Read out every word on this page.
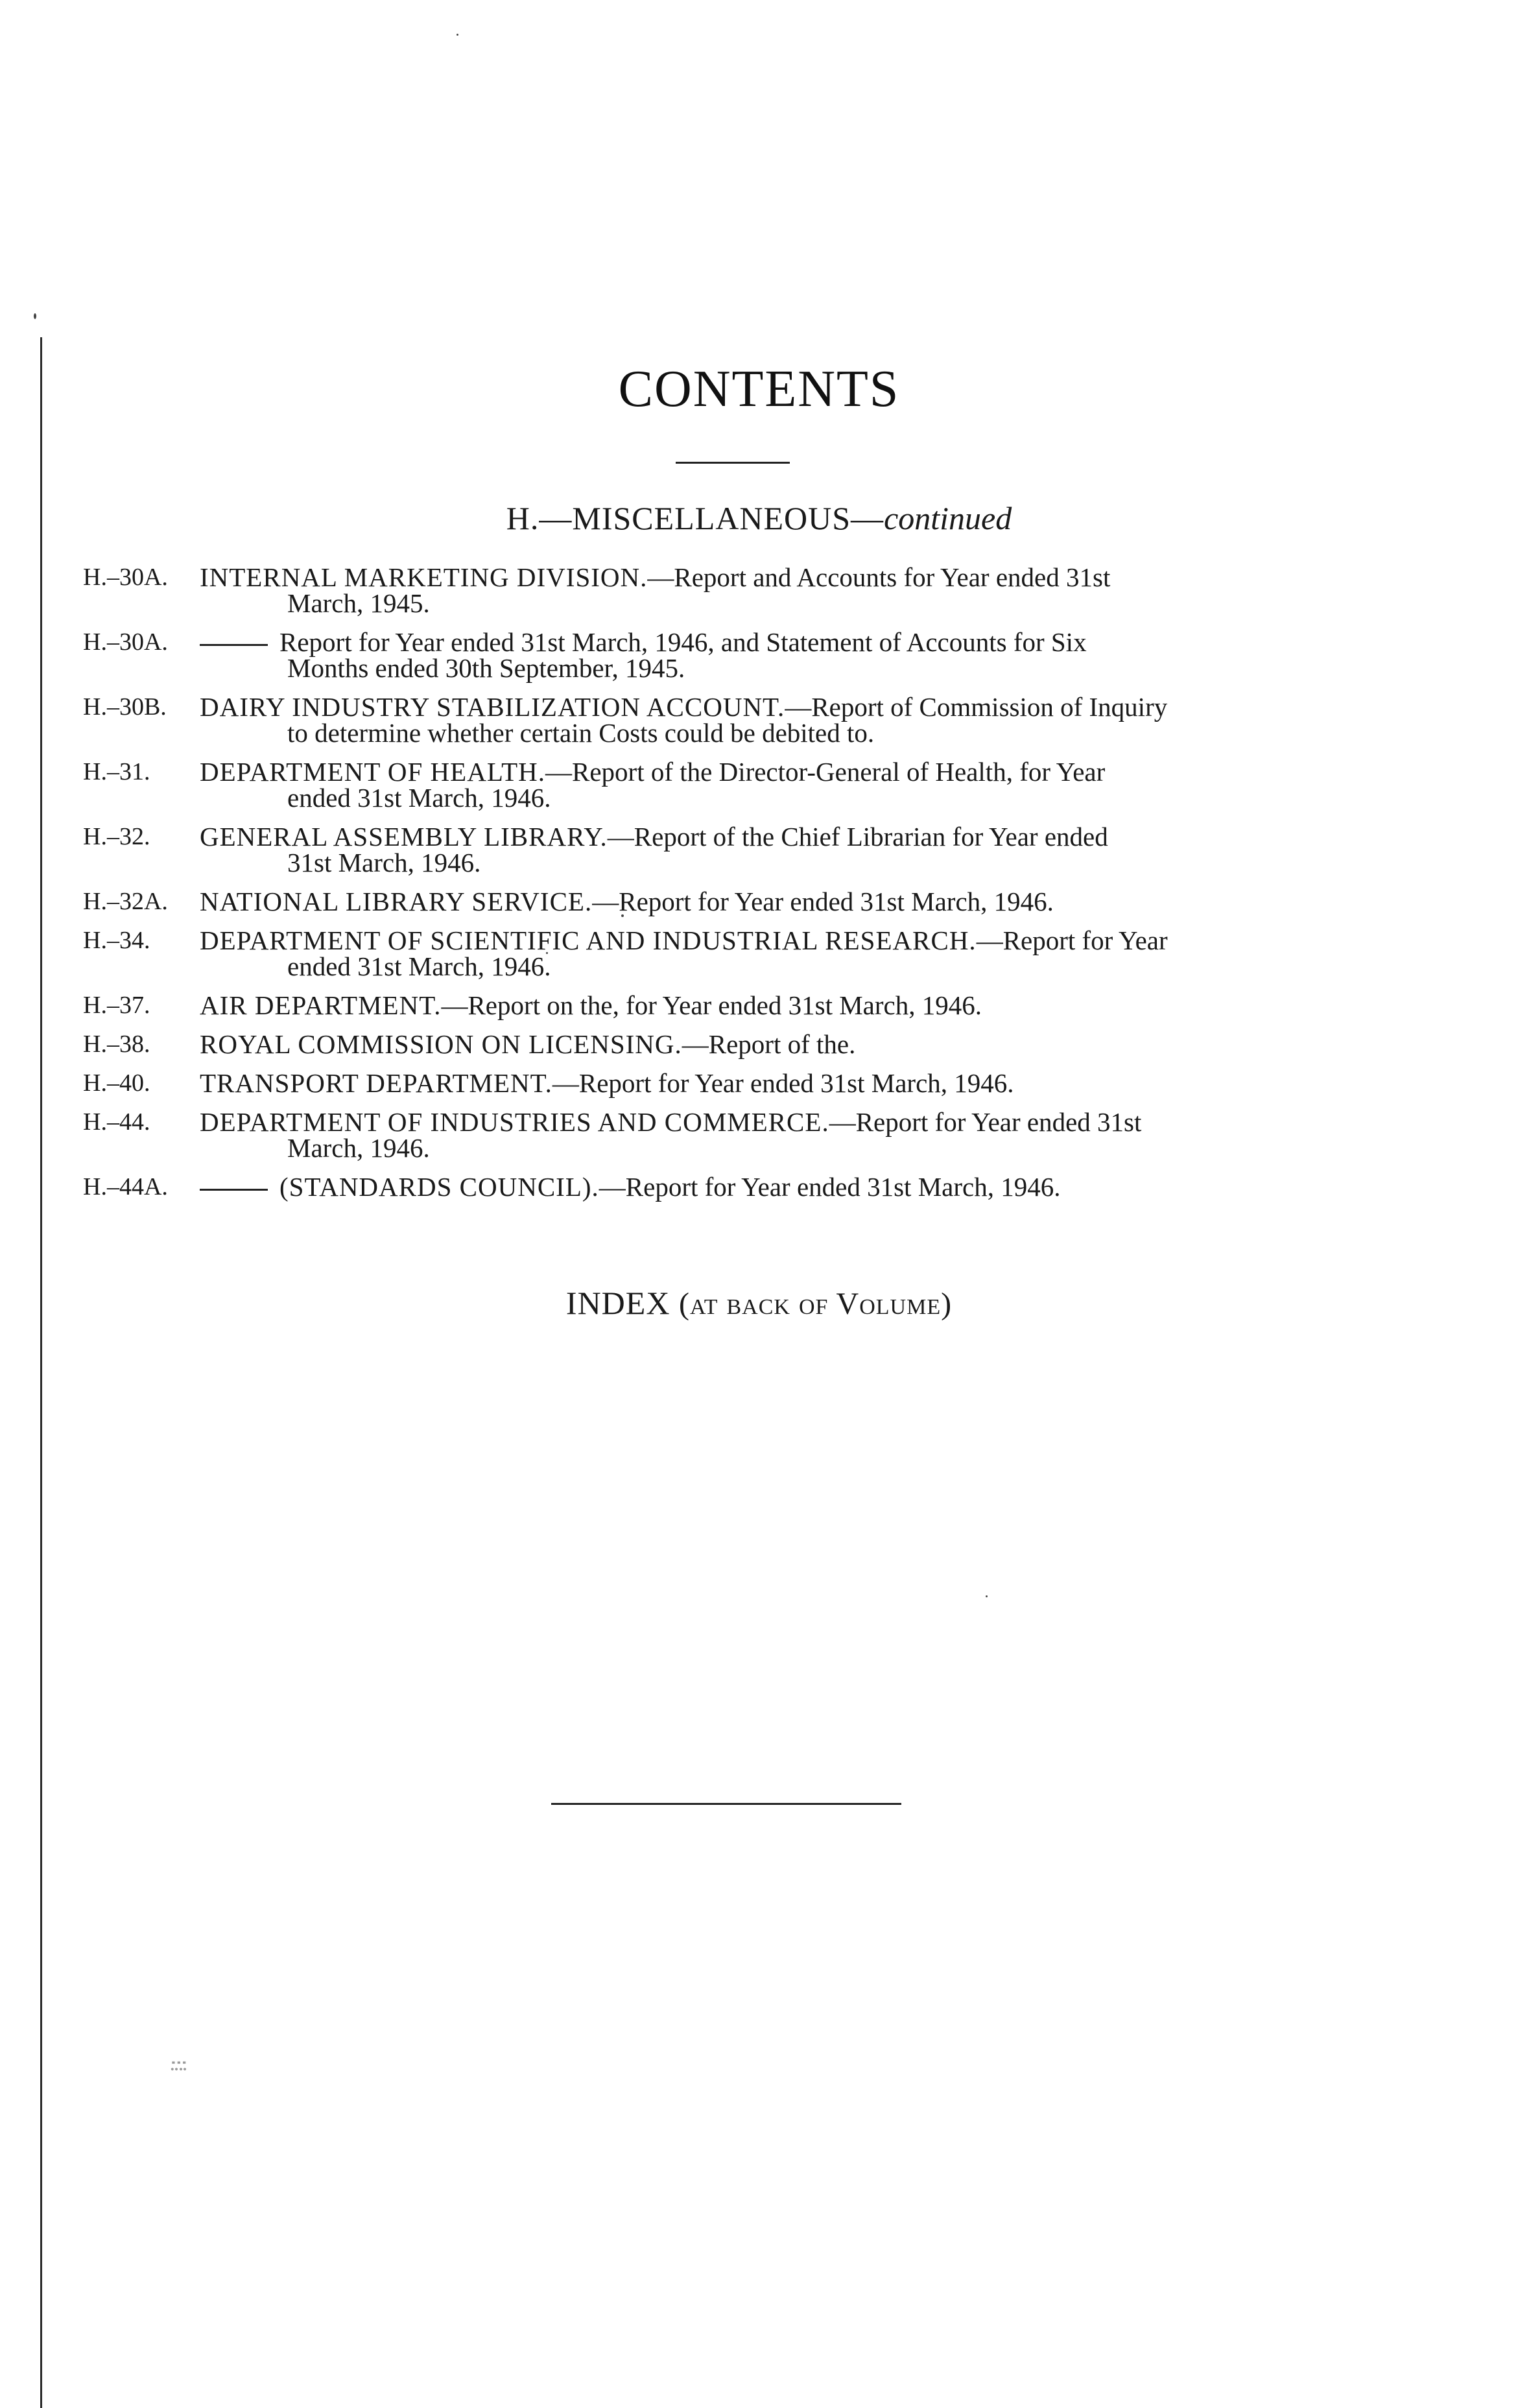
CONTENTS
H.—MISCELLANEOUS—continued
H.–30A.	INTERNAL MARKETING DIVISION.—Report and Accounts for Year ended 31st
March, 1945.
H.–30A.	Report for Year ended 31st March, 1946, and Statement of Accounts for Six
Months ended 30th September, 1945.
H.–30B.	DAIRY INDUSTRY STABILIZATION ACCOUNT.—Report of Commission of Inquiry
to determine whether certain Costs could be debited to.
H.–31.	DEPARTMENT OF HEALTH.—Report of the Director-General of Health, for Year
ended 31st March, 1946.
H.–32.	GENERAL ASSEMBLY LIBRARY.—Report of the Chief Librarian for Year ended
31st March, 1946.
H.–32A.	NATIONAL LIBRARY SERVICE.—Report for Year ended 31st March, 1946.
H.–34.	DEPARTMENT OF SCIENTIFIC AND INDUSTRIAL RESEARCH.—Report for Year
ended 31st March, 1946.
H.–37.	AIR DEPARTMENT.—Report on the, for Year ended 31st March, 1946.
H.–38.	ROYAL COMMISSION ON LICENSING.—Report of the.
H.–40.	TRANSPORT DEPARTMENT.—Report for Year ended 31st March, 1946.
H.–44.	DEPARTMENT OF INDUSTRIES AND COMMERCE.—Report for Year ended 31st
March, 1946.
H.–44A.	(STANDARDS COUNCIL).—Report for Year ended 31st March, 1946.
INDEX (at back of Volume)
⁝⁞
